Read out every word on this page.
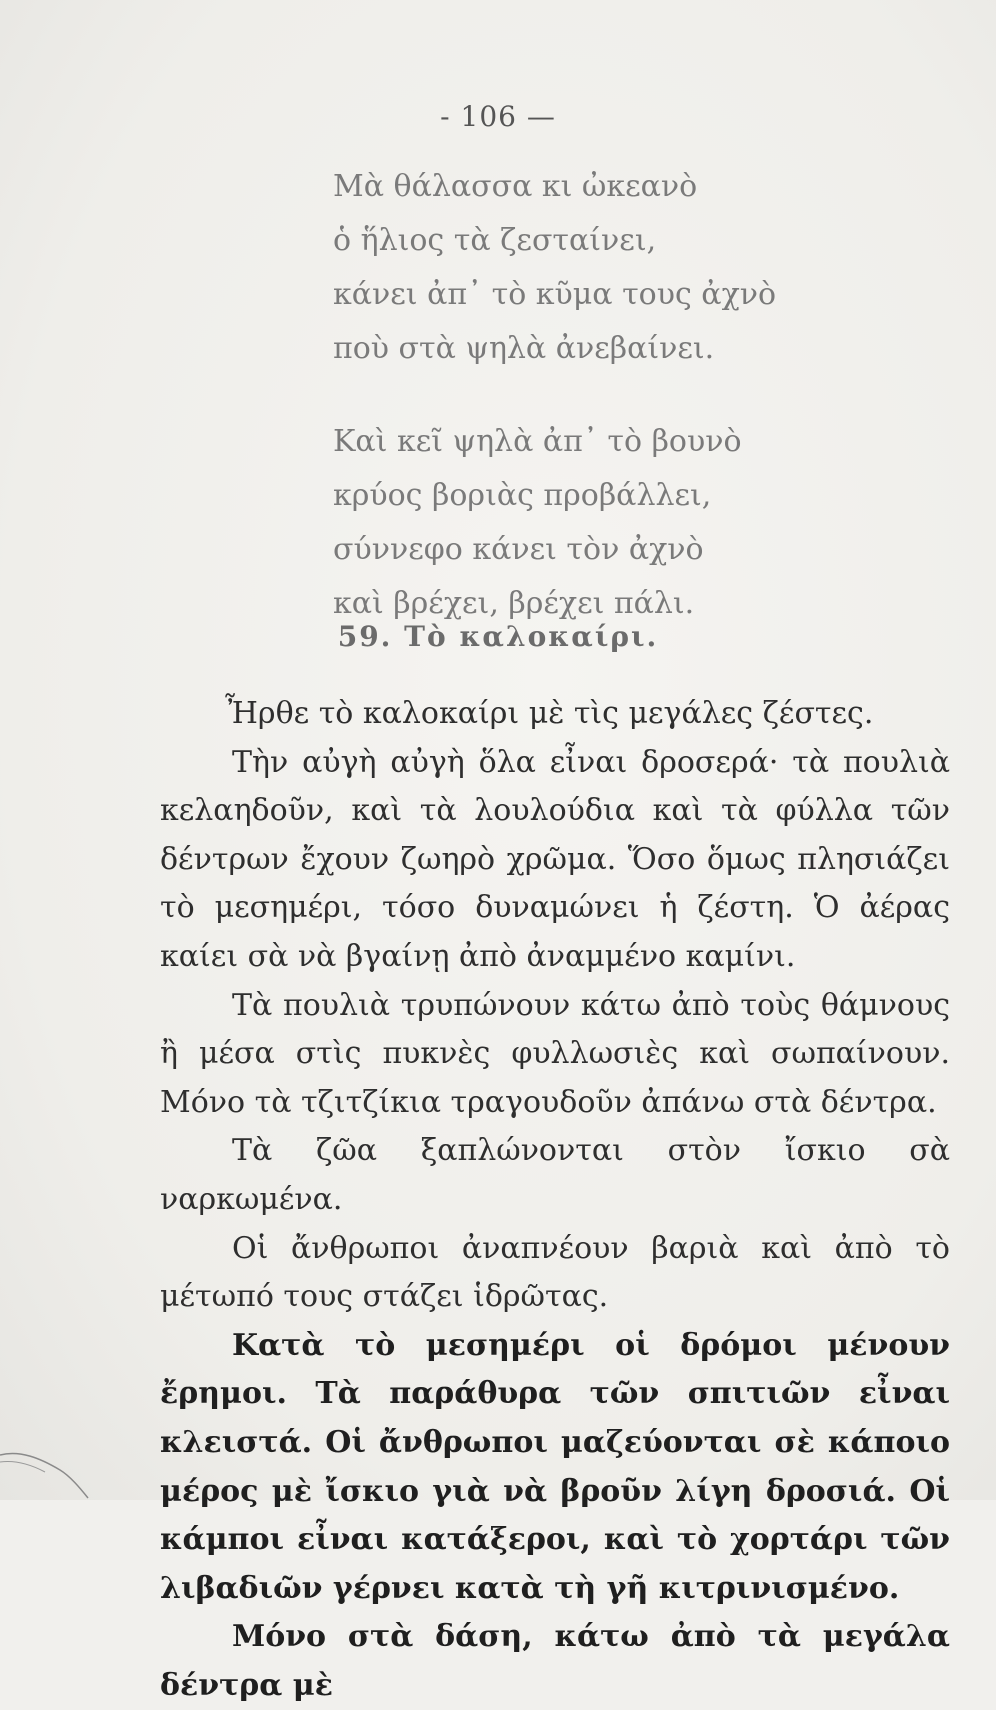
- 106 —
Μὰ θάλασσα κι ὠκεανὸ
ὁ ἥλιος τὰ ζεσταίνει,
κάνει ἀπ᾿ τὸ κῦμα τους ἀχνὸ
ποὺ στὰ ψηλὰ ἀνεβαίνει.
Καὶ κεῖ ψηλὰ ἀπ᾿ τὸ βουνὸ
κρύος βοριὰς προβάλλει,
σύννεφο κάνει τὸν ἀχνὸ
καὶ βρέχει, βρέχει πάλι.
59. Τὸ καλοκαίρι.

Ἦρθε τὸ καλοκαίρι μὲ τὶς μεγάλες ζέστες.

Τὴν αὐγὴ αὐγὴ ὅλα εἶναι δροσερά· τὰ πουλιὰ κελαηδοῦν, καὶ τὰ λουλούδια καὶ τὰ φύλλα τῶν δέντρων ἔχουν ζωηρὸ χρῶμα. Ὅσο ὅμως πλησιάζει τὸ μεσημέρι, τόσο δυναμώνει ἡ ζέστη. Ὁ ἀέρας καίει σὰ νὰ βγαίνῃ ἀπὸ ἀναμμένο καμίνι.

Τὰ πουλιὰ τρυπώνουν κάτω ἀπὸ τοὺς θάμνους ἢ μέσα στὶς πυκνὲς φυλλωσιὲς καὶ σωπαίνουν. Μόνο τὰ τζιτζίκια τραγουδοῦν ἀπάνω στὰ δέντρα.

Τὰ ζῶα ξαπλώνονται στὸν ἴσκιο σὰ ναρκωμένα.

Οἱ ἄνθρωποι ἀναπνέουν βαριὰ καὶ ἀπὸ τὸ μέτωπό τους στάζει ἱδρῶτας.

Κατὰ τὸ μεσημέρι οἱ δρόμοι μένουν ἔρημοι. Τὰ παράθυρα τῶν σπιτιῶν εἶναι κλειστά. Οἱ ἄνθρωποι μαζεύονται σὲ κάποιο μέρος μὲ ἴσκιο γιὰ νὰ βροῦν λίγη δροσιά. Οἱ κάμποι εἶναι κατάξεροι, καὶ τὸ χορτάρι τῶν λιβαδιῶν γέρνει κατὰ τὴ γῆ κιτρινισμένο.

Μόνο στὰ δάση, κάτω ἀπὸ τὰ μεγάλα δέντρα μὲ
